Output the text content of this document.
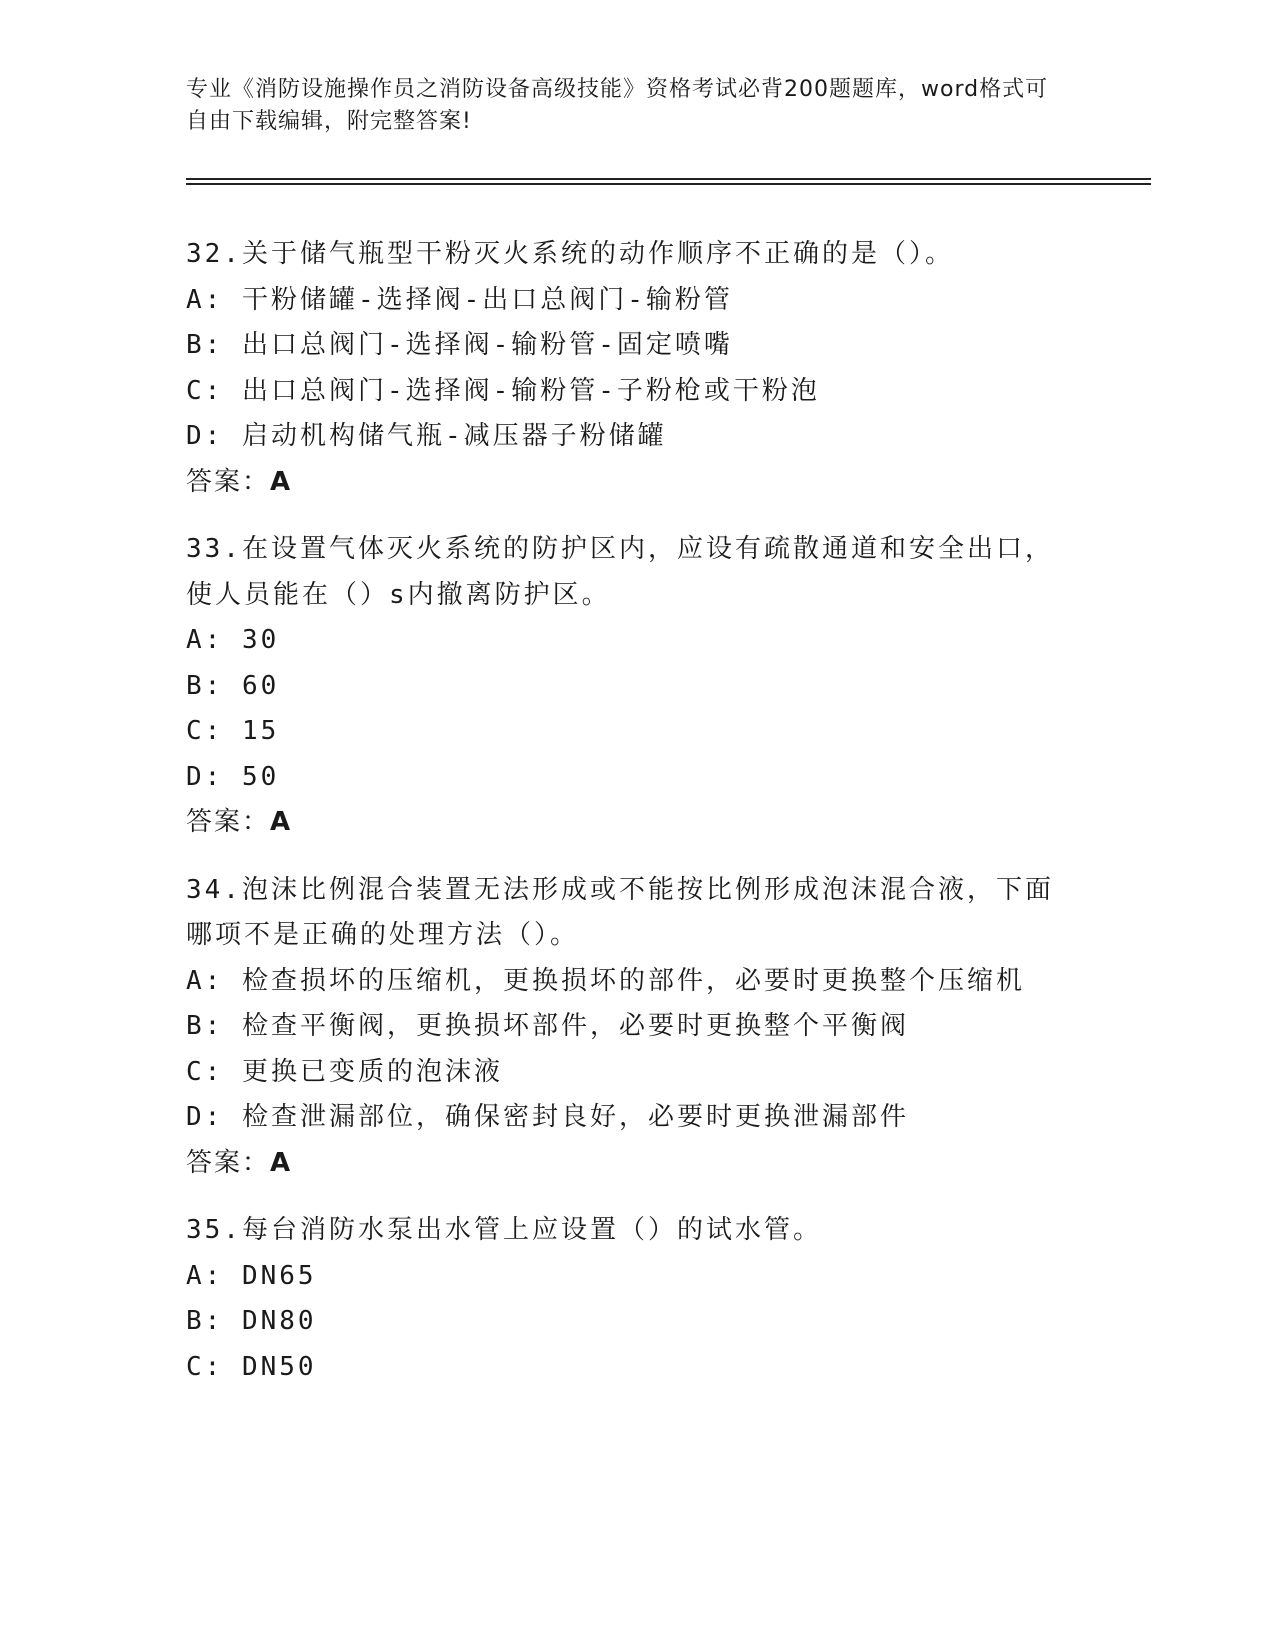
专业《消防设施操作员之消防设备高级技能》资格考试必背200题题库，word格式可自由下载编辑，附完整答案!
32.关于储气瓶型干粉灭火系统的动作顺序不正确的是（）。
A: 干粉储罐-选择阀-出口总阀门-输粉管
B: 出口总阀门-选择阀-输粉管-固定喷嘴
C: 出口总阀门-选择阀-输粉管-子粉枪或干粉泡
D: 启动机构储气瓶-减压器子粉储罐
答案：A
33.在设置气体灭火系统的防护区内，应设有疏散通道和安全出口，使人员能在（）s内撤离防护区。
A: 30
B: 60
C: 15
D: 50
答案：A
34.泡沫比例混合装置无法形成或不能按比例形成泡沫混合液，下面哪项不是正确的处理方法（）。
A: 检查损坏的压缩机，更换损坏的部件，必要时更换整个压缩机
B: 检查平衡阀，更换损坏部件，必要时更换整个平衡阀
C: 更换已变质的泡沫液
D: 检查泄漏部位，确保密封良好，必要时更换泄漏部件
答案：A
35.每台消防水泵出水管上应设置（）的试水管。
A: DN65
B: DN80
C: DN50
